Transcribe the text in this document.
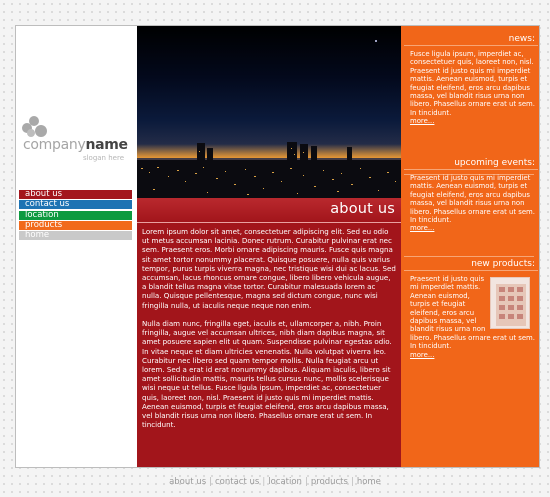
companyname
slogan here
about us
contact us
location
products
home
about us

Lorem ipsum dolor sit amet, consectetuer adipiscing elit. Sed eu odio ut metus accumsan lacinia. Donec rutrum. Curabitur pulvinar erat nec sem. Praesent eros. Morbi ornare adipiscing mauris. Fusce quis magna sit amet tortor nonummy placerat. Quisque posuere, nulla quis varius tempor, purus turpis viverra magna, nec tristique wisi dui ac lacus. Sed accumsan, lacus rhoncus ornare congue, libero libero vehicula augue, a blandit tellus magna vitae tortor. Curabitur malesuada lorem ac nulla. Quisque pellentesque, magna sed dictum congue, nunc wisi fringilla nulla, ut iaculis neque neque non enim.

Nulla diam nunc, fringilla eget, iaculis et, ullamcorper a, nibh. Proin fringilla, augue vel accumsan ultrices, nibh diam dapibus magna, sit amet posuere sapien elit ut quam. Suspendisse pulvinar egestas odio. In vitae neque et diam ultricies venenatis. Nulla volutpat viverra leo. Curabitur nec libero sed quam tempor mollis. Nulla feugiat arcu ut lorem. Sed a erat id erat nonummy dapibus. Aliquam iaculis, libero sit amet sollicitudin mattis, mauris tellus cursus nunc, mollis scelerisque wisi neque ut tellus. Fusce ligula ipsum, imperdiet ac, consectetuer quis, laoreet non, nisl. Praesent id justo quis mi imperdiet mattis. Aenean euismod, turpis et feugiat eleifend, eros arcu dapibus massa, vel blandit risus urna non libero. Phasellus ornare erat ut sem. In tincidunt.

news:
Fusce ligula ipsum, imperdiet ac, consectetuer quis, laoreet non, nisl. Praesent id justo quis mi imperdiet mattis. Aenean euismod, turpis et feugiat eleifend, eros arcu dapibus massa, vel blandit risus urna non libero. Phasellus ornare erat ut sem. In tincidunt.
more...
upcoming events:
Praesent id justo quis mi imperdiet mattis. Aenean euismod, turpis et feugiat eleifend, eros arcu dapibus massa, vel blandit risus urna non libero. Phasellus ornare erat ut sem. In tincidunt.
more...
new products:
Praesent id justo quis mi imperdiet mattis. Aenean euismod, turpis et feugiat eleifend, eros arcu dapibus massa, vel blandit risus urna non libero. Phasellus ornare erat ut sem. In tincidunt.
more...
about us | contact us | location | products | home
